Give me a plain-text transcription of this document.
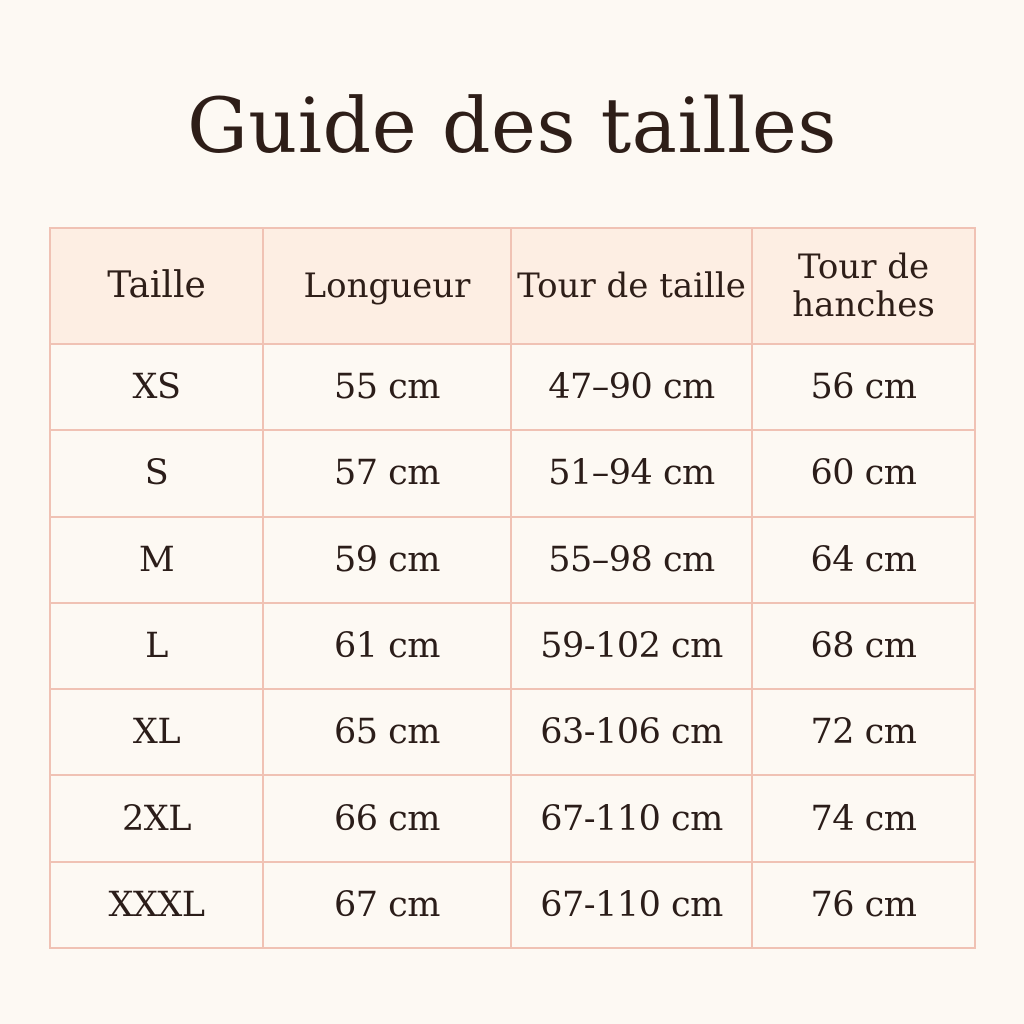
Guide des tailles
Taille	Longueur	Tour de taille	Tour de
hanches

XS	55 cm	47–90 cm	56 cm
S	57 cm	51–94 cm	60 cm
M	59 cm	55–98 cm	64 cm
L	61 cm	59-102 cm	68 cm
XL	65 cm	63-106 cm	72 cm
2XL	66 cm	67-110 cm	74 cm
XXXL	67 cm	67-110 cm	76 cm
